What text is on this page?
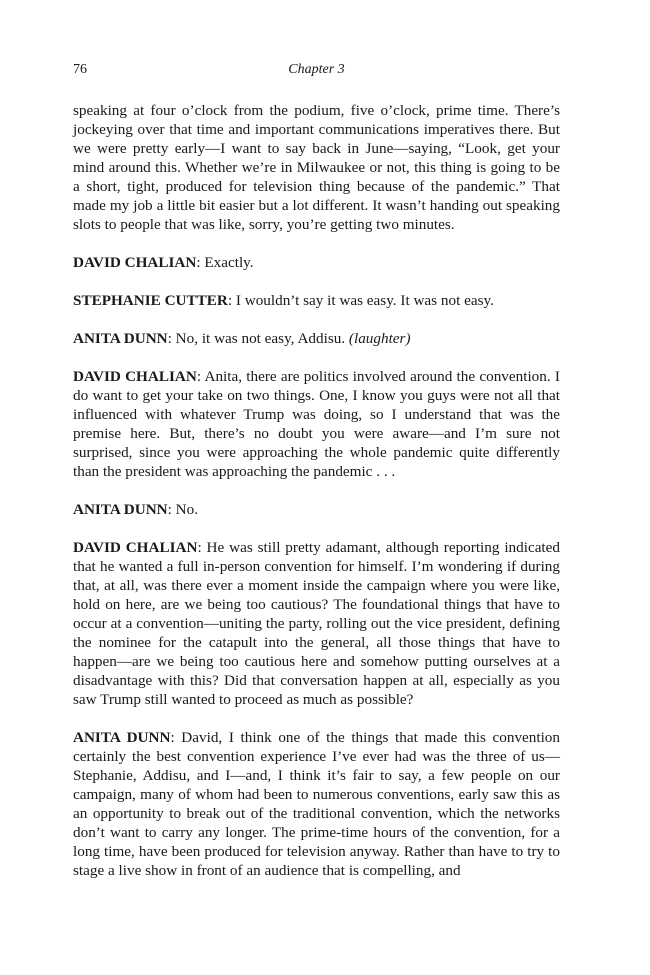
76	Chapter 3

speaking at four o’clock from the podium, five o’clock, prime time. There’s jockeying over that time and important communications imperatives there. But we were pretty early—I want to say back in June—saying, “Look, get your mind around this. Whether we’re in Milwaukee or not, this thing is going to be a short, tight, produced for television thing because of the pandemic.” That made my job a little bit easier but a lot different. It wasn’t handing out speaking slots to people that was like, sorry, you’re getting two minutes.

DAVID CHALIAN: Exactly.

STEPHANIE CUTTER: I wouldn’t say it was easy. It was not easy.

ANITA DUNN: No, it was not easy, Addisu. (laughter)

DAVID CHALIAN: Anita, there are politics involved around the convention. I do want to get your take on two things. One, I know you guys were not all that influenced with whatever Trump was doing, so I understand that was the premise here. But, there’s no doubt you were aware—and I’m sure not surprised, since you were approaching the whole pandemic quite differently than the president was approaching the pandemic . . .

ANITA DUNN: No.

DAVID CHALIAN: He was still pretty adamant, although reporting indicated that he wanted a full in-person convention for himself. I’m wondering if during that, at all, was there ever a moment inside the campaign where you were like, hold on here, are we being too cautious? The foundational things that have to occur at a convention—uniting the party, rolling out the vice president, defining the nominee for the catapult into the general, all those things that have to happen—are we being too cautious here and somehow putting ourselves at a disadvantage with this? Did that conversation happen at all, especially as you saw Trump still wanted to proceed as much as possible?

ANITA DUNN: David, I think one of the things that made this convention certainly the best convention experience I’ve ever had was the three of us—Stephanie, Addisu, and I—and, I think it’s fair to say, a few people on our campaign, many of whom had been to numerous conventions, early saw this as an opportunity to break out of the traditional convention, which the networks don’t want to carry any longer. The prime-time hours of the convention, for a long time, have been produced for television anyway. Rather than have to try to stage a live show in front of an audience that is compelling, and
